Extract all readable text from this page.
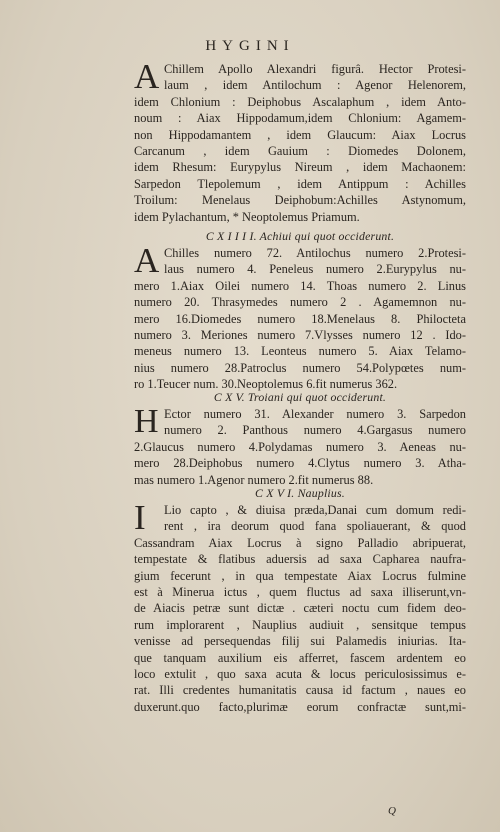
HYGINI
A Chillem Apollo Alexandri figurâ. Hector Protesi-
laum , idem Antilochum : Agenor Helenorem,
idem Chlonium : Deiphobus Ascalaphum , idem Anto-
noum : Aiax Hippodamum,idem Chlonium: Agamem-
non Hippodamantem , idem Glaucum: Aiax Locrus
Carcanum , idem Gauium : Diomedes Dolonem,
idem Rhesum: Eurypylus Nireum , idem Machaonem:
Sarpedon Tlepolemum , idem Antippum : Achilles
Troilum: Menelaus Deiphobum:Achilles Astynomum,
idem Pylachantum, * Neoptolemus Priamum.
C X I I I I. Achiui qui quot occiderunt.
A Chilles numero 72. Antilochus numero 2.Protesi-
laus numero 4. Peneleus numero 2.Eurypylus nu-
mero 1.Aiax Oilei numero 14. Thoas numero 2. Linus
numero 20. Thrasymedes numero 2 . Agamemnon nu-
mero 16.Diomedes numero 18.Menelaus 8. Philocteta
numero 3. Meriones numero 7.Vlysses numero 12 . Ido-
meneus numero 13. Leonteus numero 5. Aiax Telamo-
nius numero 28.Patroclus numero 54.Polypœtes num-
ro 1.Teucer num. 30.Neoptolemus 6.fit numerus 362.
C X V. Troiani qui quot occiderunt.
H Ector numero 31. Alexander numero 3. Sarpedon
numero 2. Panthous numero 4.Gargasus numero
2.Glaucus numero 4.Polydamas numero 3. Aeneas nu-
mero 28.Deiphobus numero 4.Clytus numero 3. Atha-
mas numero 1.Agenor numero 2.fit numerus 88.
C X V I. Nauplius.
I	Lio capto , & diuisa præda,Danai cum domum redi-
rent , ira deorum quod fana spoliauerant, & quod
Cassandram Aiax Locrus à signo Palladio abripuerat,
tempestate & flatibus aduersis ad saxa Capharea naufra-
gium fecerunt , in qua tempestate Aiax Locrus fulmine
est à Minerua ictus , quem fluctus ad saxa illiserunt,vn-
de Aiacis petræ sunt dictæ . cæteri noctu cum fidem deo-
rum implorarent , Nauplius audiuit , sensitque tempus
venisse ad persequendas filij sui Palamedis iniurias. Ita-
que tanquam auxilium eis afferret, fascem ardentem eo
loco extulit , quo saxa acuta & locus periculosissimus e-
rat. Illi credentes humanitatis causa id factum , naues eo
duxerunt.quo facto,plurimæ eorum confractæ sunt,mi-
Q
